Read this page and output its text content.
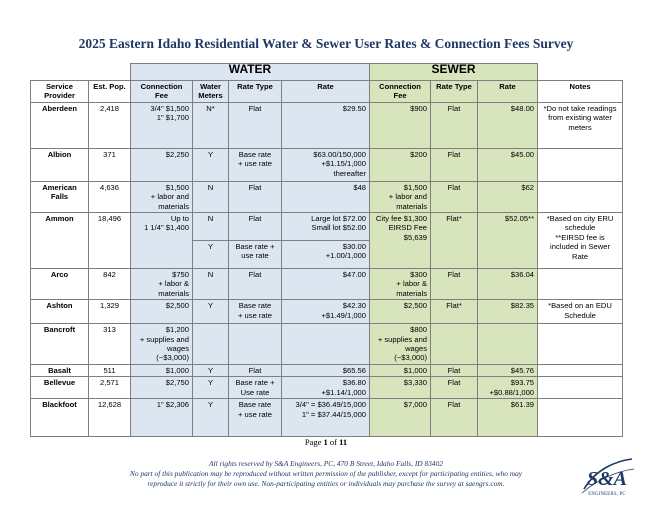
2025 Eastern Idaho Residential Water & Sewer User Rates & Connection Fees Survey
		WATER				SEWER			
Service Provider	Est. Pop.	Connection Fee	Water Meters	Rate Type	Rate	Connection Fee	Rate Type	Rate	Notes
Aberdeen	2,418	3/4" $1,500
1" $1,700	N*	Flat	$29.50	$900	Flat	$48.00	*Do not take readings from existing water meters
Albion	371	$2,250	Y	Base rate
+ use rate	$63.00/150,000
+$1.15/1,000
thereafter	$200	Flat	$45.00	
American Falls	4,636	$1,500
+ labor and
materials	N	Flat	$48	$1,500
+ labor and
materials	Flat	$62	
Ammon	18,496	Up to
1 1/4" $1,400	N	Flat	Large lot $72.00
Small lot $52.00	City fee $1,300
EIRSD Fee
$5,639	Flat*	$52.05**	*Based on city ERU schedule
**EIRSD fee is included in Sewer Rate
			Y	Base rate +
use rate	$30.00
+1.00/1,000				
Arco	842	$750
+ labor &
materials	N	Flat	$47.00	$300
+ labor &
materials	Flat	$36.04	
Ashton	1,329	$2,500	Y	Base rate
+ use rate	$42.30
+$1.49/1,000	$2,500	Flat*	$82.35	*Based on an EDU Schedule
Bancroft	313	$1,200
+ supplies and
wages
(~$3,000)				$800
+ supplies and
wages
(~$3,000)			
Basalt	511	$1,000	Y	Flat	$65.56	$1,000	Flat	$45.76	
Bellevue	2,571	$2,750	Y	Base rate +
Use rate	$36.80
+$1.14/1,000	$3,330	Flat	$93.75
+$0.88/1,000	
Blackfoot	12,628	1" $2,306	Y	Base rate
+ use rate	3/4" = $36.49/15,000
1" = $37.44/15,000	$7,000	Flat	$61.39	
Page 1 of 11
All rights reserved by S&A Engineers, PC, 470 B Street, Idaho Falls, ID 83402
No part of this publication may be reproduced without written permission of the publisher, except for participating entities, who may
reproduce it strictly for their own use. Non-participating entities or individuals may purchase the survey at saengrs.com.	S&A
ENGINEERS, PC
